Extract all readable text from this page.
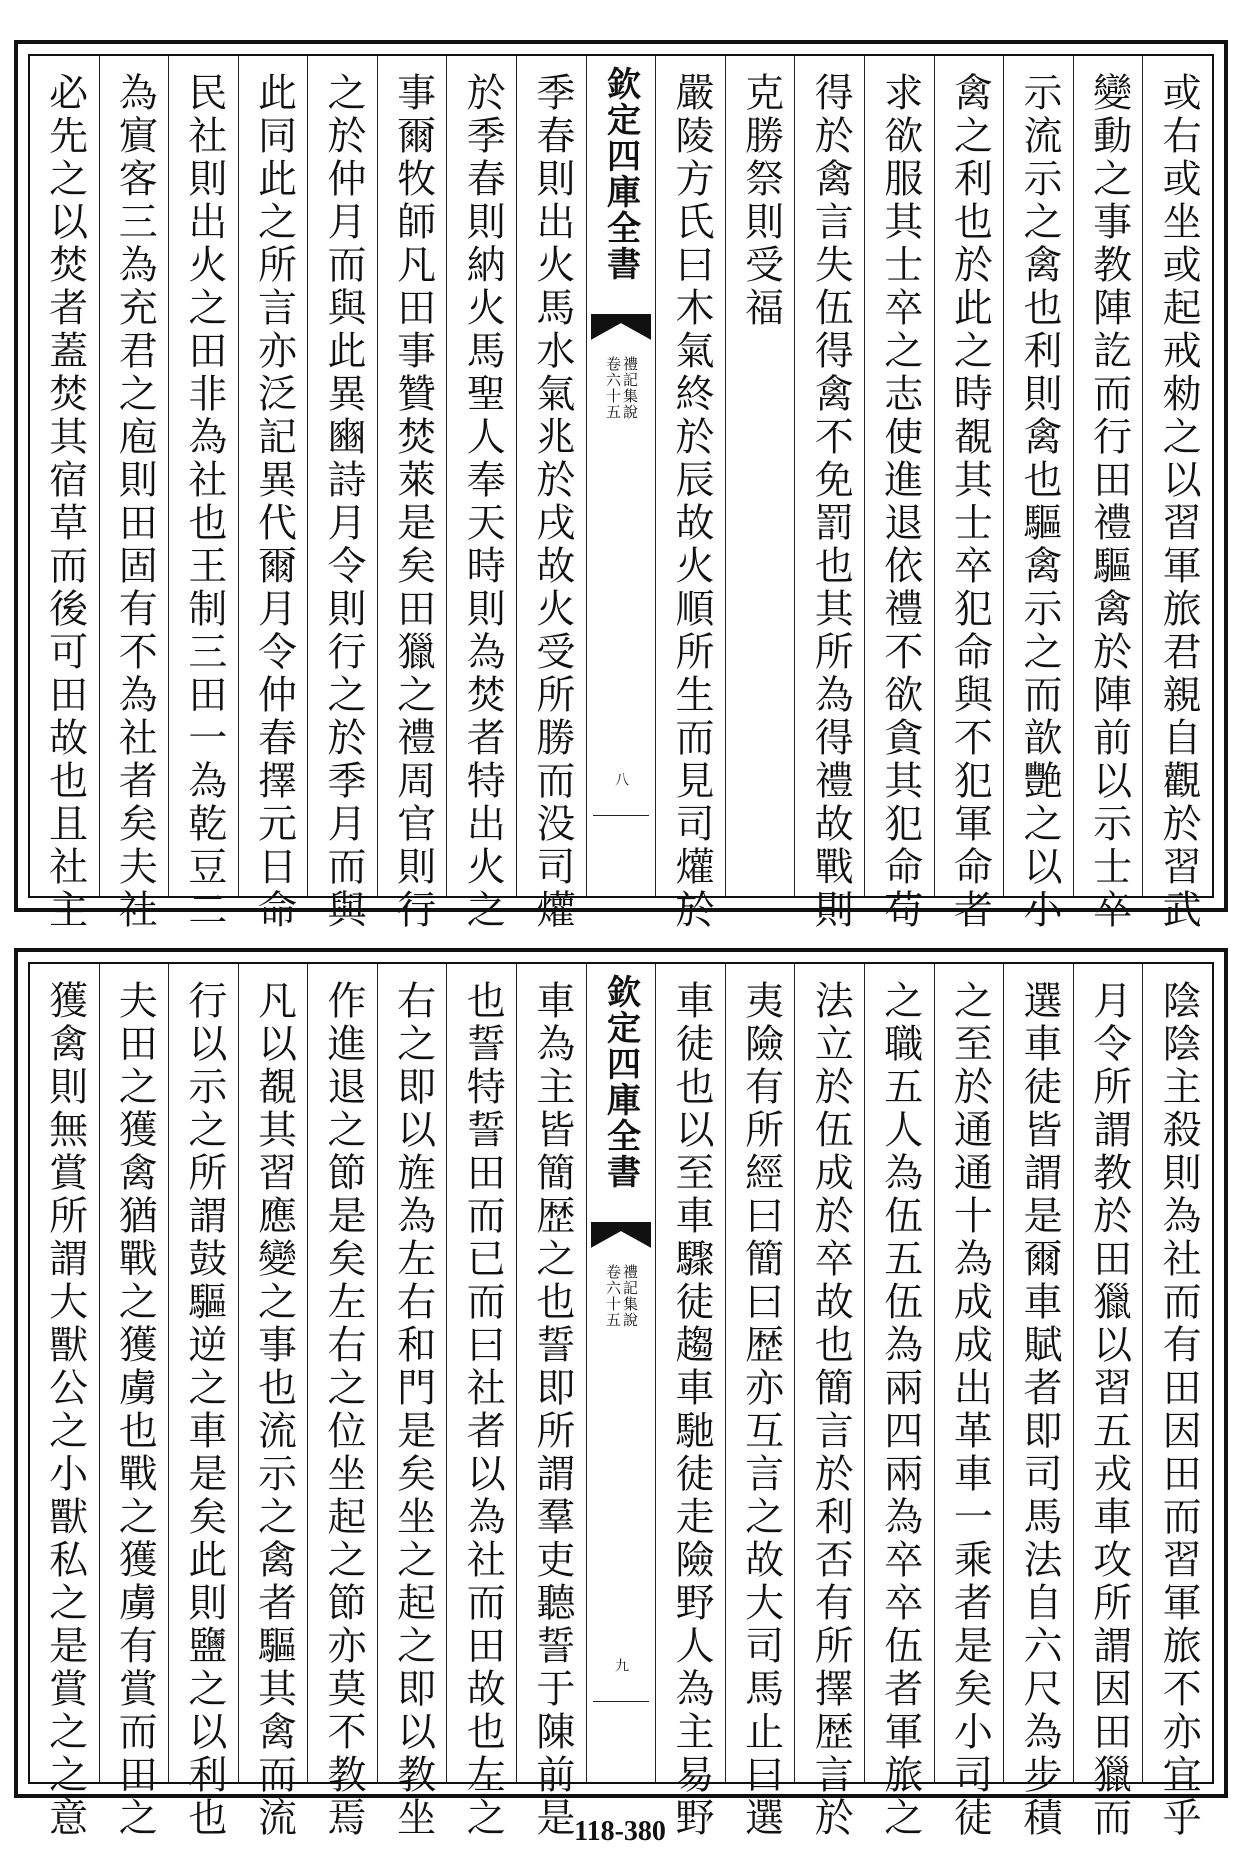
或右或坐或起戒勑之以習軍旅君親自觀於習武
變動之事教陣訖而行田禮驅禽於陣前以示士卒
示流示之禽也利則禽也驅禽示之而歆艷之以小
禽之利也於此之時覩其士卒犯命與不犯軍命者
求欲服其士卒之志使進退依禮不欲貪其犯命苟
得於禽言失伍得禽不免罰也其所為得禮故戰則
克勝祭則受福
嚴陵方氏曰木氣終於辰故火順所生而見司爟於
欽定四庫全書
禮記集說
卷六十五
八
季春則出火馬水氣兆於戌故火受所勝而没司爟
於季春則納火馬聖人奉天時則為焚者特出火之
事爾牧師凡田事贊焚萊是矣田獵之禮周官則行
之於仲月而與此異豳詩月令則行之於季月而與
此同此之所言亦泛記異代爾月令仲春擇元日命
民社則出火之田非為社也王制三田一為乾豆二
為賔客三為充君之庖則田固有不為社者矣夫社
必先之以焚者蓋焚其宿草而後可田故也且社主
陰陰主殺則為社而有田因田而習軍旅不亦宜乎
月令所謂教於田獵以習五戎車攻所謂因田獵而
選車徒皆謂是爾車賦者即司馬法自六尺為步積
之至於通通十為成成出革車一乘者是矣小司徒
之職五人為伍五伍為兩四兩為卒卒伍者軍旅之
法立於伍成於卒故也簡言於利否有所擇歴言於
夷險有所經曰簡曰歴亦互言之故大司馬止曰選
車徒也以至車驟徒趨車馳徒走險野人為主易野
欽定四庫全書
禮記集說
卷六十五
九
車為主皆簡歴之也誓即所謂羣吏聽誓于陳前是
也誓特誓田而已而曰社者以為社而田故也左之
右之即以旌為左右和門是矣坐之起之即以教坐
作進退之節是矣左右之位坐起之節亦莫不教焉
凡以覩其習應變之事也流示之禽者驅其禽而流
行以示之所謂鼓驅逆之車是矣此則鹽之以利也
夫田之獲禽猶戰之獲虜也戰之獲虜有賞而田之
獲禽則無賞所謂大獸公之小獸私之是賞之之意	118-380
